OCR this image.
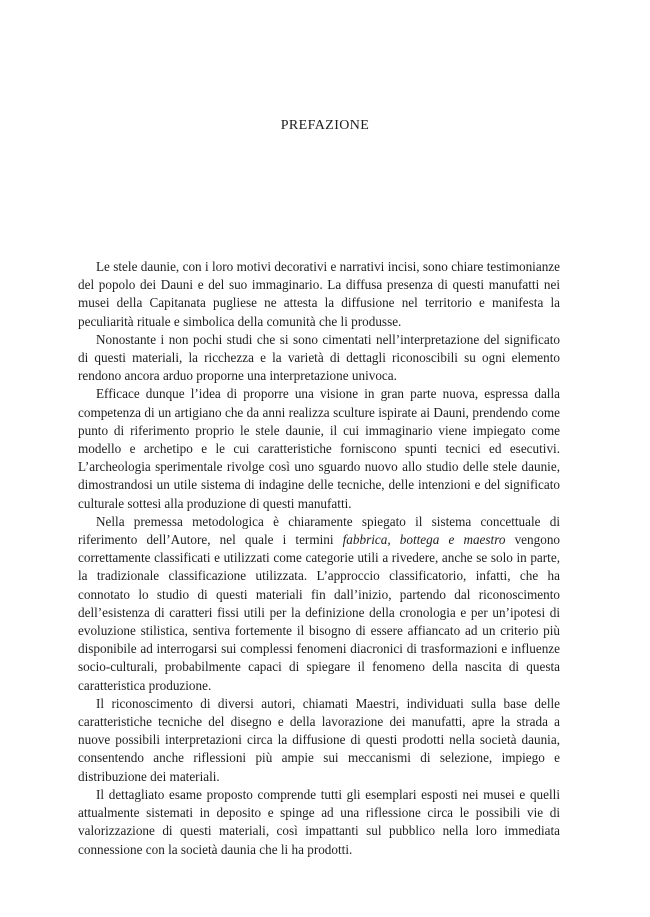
PREFAZIONE

Le stele daunie, con i loro motivi decorativi e narrativi incisi, sono chiare testimonianze del popolo dei Dauni e del suo immaginario. La diffusa presenza di questi manufatti nei musei della Capitanata pugliese ne attesta la diffusione nel territorio e manifesta la peculiarità rituale e simbolica della comunità che li produsse.

Nonostante i non pochi studi che si sono cimentati nell’interpretazione del significato di questi materiali, la ricchezza e la varietà di dettagli riconoscibili su ogni elemento rendono ancora arduo proporne una interpretazione univoca.

Efficace dunque l’idea di proporre una visione in gran parte nuova, espressa dalla competenza di un artigiano che da anni realizza sculture ispirate ai Dauni, prendendo come punto di riferimento proprio le stele daunie, il cui immaginario viene impiegato come modello e archetipo e le cui caratteristiche forniscono spunti tecnici ed esecutivi. L’archeologia sperimentale rivolge così uno sguardo nuovo allo studio delle stele daunie, dimostrandosi un utile sistema di indagine delle tecniche, delle intenzioni e del significato culturale sottesi alla produzione di questi manufatti.

Nella premessa metodologica è chiaramente spiegato il sistema concettuale di riferimento dell’Autore, nel quale i termini fabbrica, bottega e maestro vengono correttamente classificati e utilizzati come categorie utili a rivedere, anche se solo in parte, la tradizionale classificazione utilizzata. L’approccio classificatorio, infatti, che ha connotato lo studio di questi materiali fin dall’inizio, partendo dal riconoscimento dell’esistenza di caratteri fissi utili per la definizione della cronologia e per un’ipotesi di evoluzione stilistica, sentiva fortemente il bisogno di essere affiancato ad un criterio più disponibile ad interrogarsi sui complessi fenomeni diacronici di trasformazioni e influenze socio-culturali, probabilmente capaci di spiegare il fenomeno della nascita di questa caratteristica produzione.

Il riconoscimento di diversi autori, chiamati Maestri, individuati sulla base delle caratteristiche tecniche del disegno e della lavorazione dei manufatti, apre la strada a nuove possibili interpretazioni circa la diffusione di questi prodotti nella società daunia, consentendo anche riflessioni più ampie sui meccanismi di selezione, impiego e distribuzione dei materiali.

Il dettagliato esame proposto comprende tutti gli esemplari esposti nei musei e quelli attualmente sistemati in deposito e spinge ad una riflessione circa le possibili vie di valorizzazione di questi materiali, così impattanti sul pubblico nella loro immediata connessione con la società daunia che li ha prodotti.
